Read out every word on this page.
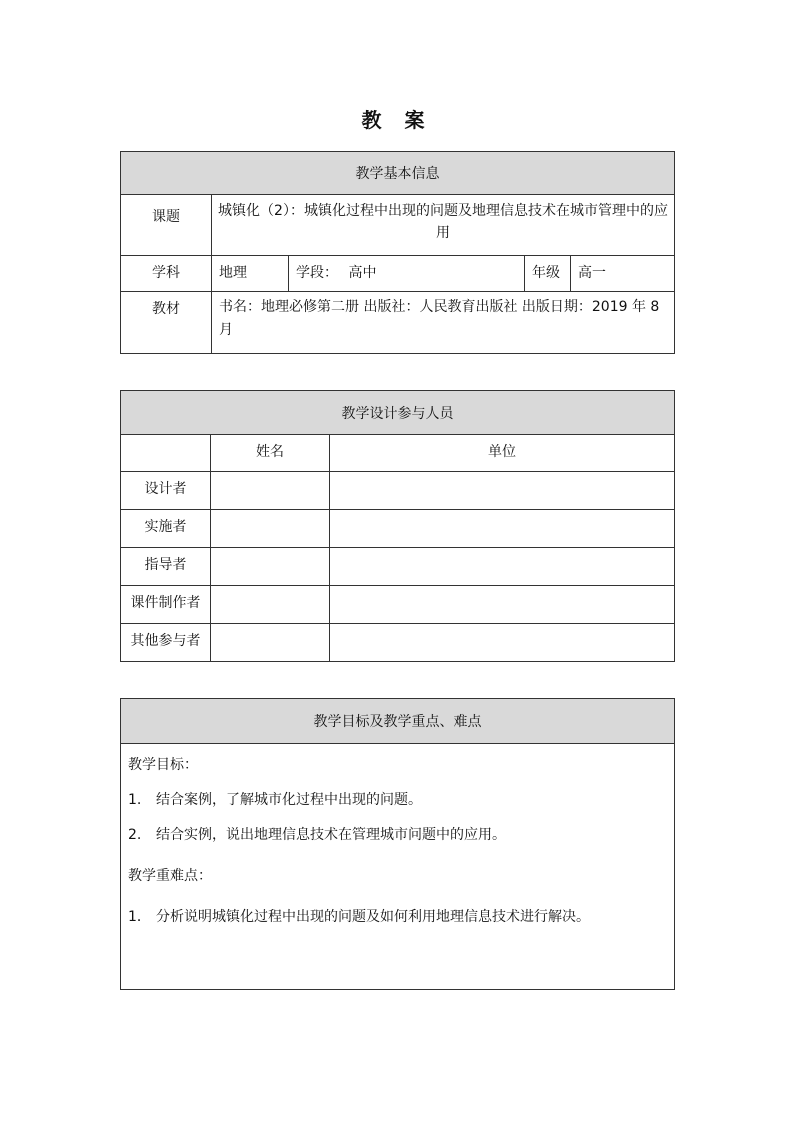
教 案
教学基本信息				
课题	城镇化（2）：城镇化过程中出现的问题及地理信息技术在城市管理中的应用			
学科	地理	学段： 高中	年级	高一
教材	书名：地理必修第二册 出版社：人民教育出版社 出版日期：2019 年 8 月			
教学设计参与人员		
	姓名	单位
设计者		
实施者		
指导者		
课件制作者		
其他参与者		
教学目标及教学重点、难点

教学目标：

1. 结合案例，了解城市化过程中出现的问题。

2. 结合实例，说出地理信息技术在管理城市问题中的应用。

教学重难点：

1． 分析说明城镇化过程中出现的问题及如何利用地理信息技术进行解决。
